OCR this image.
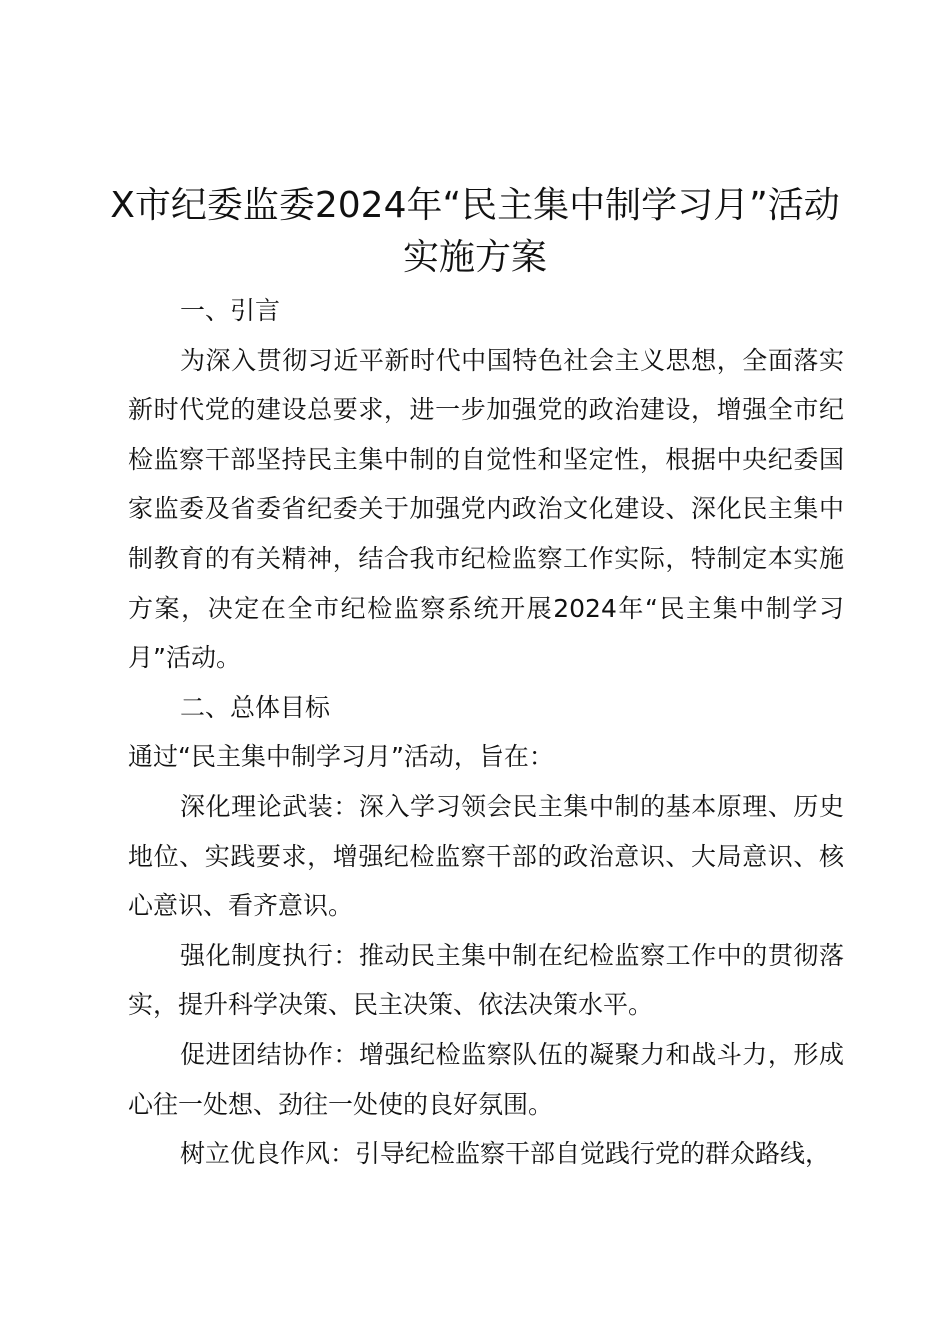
X市纪委监委2024年“民主集中制学习月”活动实施方案

一、引言

为深入贯彻习近平新时代中国特色社会主义思想，全面落实新时代党的建设总要求，进一步加强党的政治建设，增强全市纪检监察干部坚持民主集中制的自觉性和坚定性，根据中央纪委国家监委及省委省纪委关于加强党内政治文化建设、深化民主集中制教育的有关精神，结合我市纪检监察工作实际，特制定本实施方案，决定在全市纪检监察系统开展2024年“民主集中制学习月”活动。

二、总体目标

通过“民主集中制学习月”活动，旨在：

深化理论武装：深入学习领会民主集中制的基本原理、历史地位、实践要求，增强纪检监察干部的政治意识、大局意识、核心意识、看齐意识。

强化制度执行：推动民主集中制在纪检监察工作中的贯彻落实，提升科学决策、民主决策、依法决策水平。

促进团结协作：增强纪检监察队伍的凝聚力和战斗力，形成心往一处想、劲往一处使的良好氛围。

树立优良作风：引导纪检监察干部自觉践行党的群众路线，
